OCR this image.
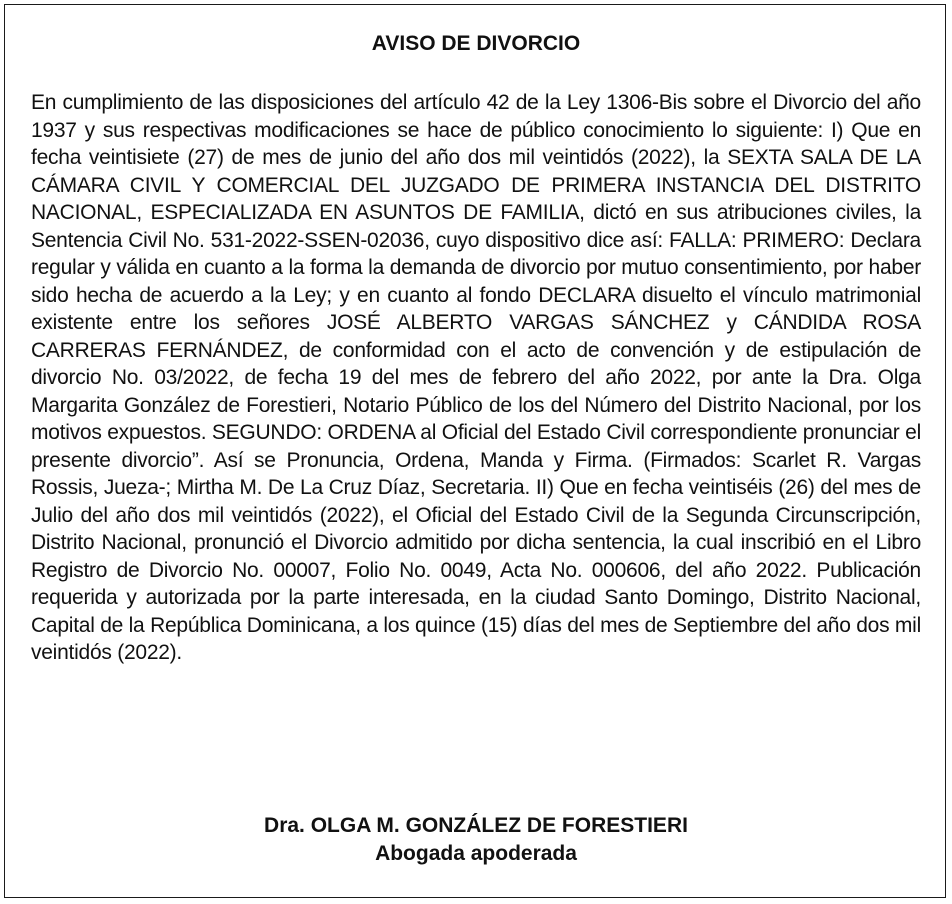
AVISO DE DIVORCIO

En cumplimiento de las disposiciones del artículo 42 de la Ley 1306-Bis sobre el Divorcio del año 1937 y sus respectivas modificaciones se hace de público conocimiento lo siguiente: I) Que en fecha veintisiete (27) de mes de junio del año dos mil veintidós (2022), la SEXTA SALA DE LA CÁMARA CIVIL Y COMERCIAL DEL JUZGADO DE PRIMERA INSTANCIA DEL DISTRITO NACIONAL, ESPECIALIZADA EN ASUNTOS DE FAMILIA, dictó en sus atribuciones civiles, la Sentencia Civil No. 531-2022-SSEN-02036, cuyo dispositivo dice así: FALLA: PRIMERO: Declara regular y válida en cuanto a la forma la demanda de divorcio por mutuo consentimiento, por haber sido hecha de acuerdo a la Ley; y en cuanto al fondo DECLARA disuelto el vínculo matrimonial existente entre los señores JOSÉ ALBERTO VARGAS SÁNCHEZ y CÁNDIDA ROSA CARRERAS FERNÁNDEZ, de conformidad con el acto de convención y de estipulación de divorcio No. 03/2022, de fecha 19 del mes de febrero del año 2022, por ante la Dra. Olga Margarita González de Forestieri, Notario Público de los del Número del Distrito Nacional, por los motivos expuestos. SEGUNDO: ORDENA al Oficial del Estado Civil correspondiente pronunciar el presente divorcio”. Así se Pronuncia, Ordena, Manda y Firma. (Firmados: Scarlet R. Vargas Rossis, Jueza-; Mirtha M. De La Cruz Díaz, Secretaria. II) Que en fecha veintiséis (26) del mes de Julio del año dos mil veintidós (2022), el Oficial del Estado Civil de la Segunda Circunscripción, Distrito Nacional, pronunció el Divorcio admitido por dicha sentencia, la cual inscribió en el Libro Registro de Divorcio No. 00007, Folio No. 0049, Acta No. 000606, del año 2022. Publicación requerida y autorizada por la parte interesada, en la ciudad Santo Domingo, Distrito Nacional, Capital de la República Dominicana, a los quince (15) días del mes de Septiembre del año dos mil veintidós (2022).

Dra. OLGA M. GONZÁLEZ DE FORESTIERI
Abogada apoderada
